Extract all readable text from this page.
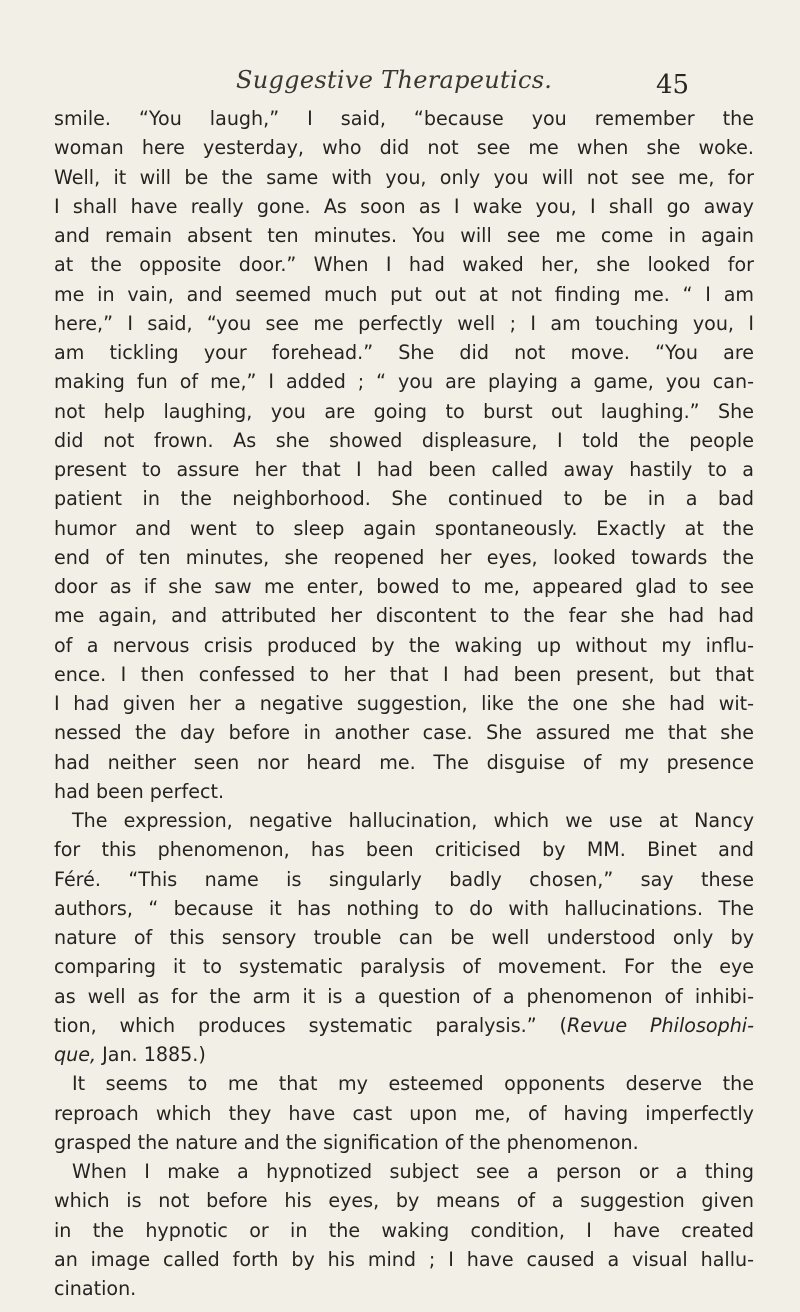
Suggestive Therapeutics.	45
smile. “You laugh,” I said, “because you remember the
woman here yesterday, who did not see me when she woke.
Well, it will be the same with you, only you will not see me, for
I shall have really gone. As soon as I wake you, I shall go away
and remain absent ten minutes. You will see me come in again
at the opposite door.” When I had waked her, she looked for
me in vain, and seemed much put out at not finding me. “ I am
here,” I said, “you see me perfectly well ; I am touching you, I
am tickling your forehead.” She did not move. “You are
making fun of me,” I added ; “ you are playing a game, you can-
not help laughing, you are going to burst out laughing.” She
did not frown. As she showed displeasure, I told the people
present to assure her that I had been called away hastily to a
patient in the neighborhood. She continued to be in a bad
humor and went to sleep again spontaneously. Exactly at the
end of ten minutes, she reopened her eyes, looked towards the
door as if she saw me enter, bowed to me, appeared glad to see
me again, and attributed her discontent to the fear she had had
of a nervous crisis produced by the waking up without my influ-
ence. I then confessed to her that I had been present, but that
I had given her a negative suggestion, like the one she had wit-
nessed the day before in another case. She assured me that she
had neither seen nor heard me. The disguise of my presence
had been perfect.
The expression, negative hallucination, which we use at Nancy
for this phenomenon, has been criticised by MM. Binet and
Féré. “This name is singularly badly chosen,” say these
authors, “ because it has nothing to do with hallucinations. The
nature of this sensory trouble can be well understood only by
comparing it to systematic paralysis of movement. For the eye
as well as for the arm it is a question of a phenomenon of inhibi-
tion, which produces systematic paralysis.” (Revue Philosophi-
que, Jan. 1885.)
It seems to me that my esteemed opponents deserve the
reproach which they have cast upon me, of having imperfectly
grasped the nature and the signification of the phenomenon.
When I make a hypnotized subject see a person or a thing
which is not before his eyes, by means of a suggestion given
in the hypnotic or in the waking condition, I have created
an image called forth by his mind ; I have caused a visual hallu-
cination.
